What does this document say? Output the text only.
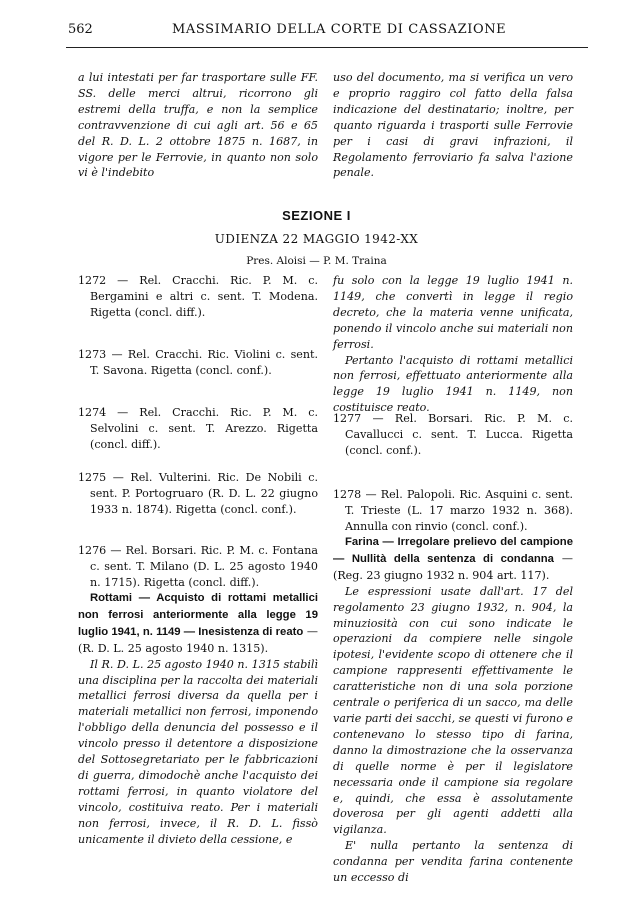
562	MASSIMARIO DELLA CORTE DI CASSAZIONE
a lui intestati per far trasportare sulle FF. SS. delle merci altrui, ricorrono gli estremi della truffa, e non la semplice contravvenzione di cui agli art. 56 e 65 del R. D. L. 2 ottobre 1875 n. 1687, in vigore per le Ferrovie, in quanto non solo vi è l'indebito
uso del documento, ma si verifica un vero e proprio raggiro col fatto della falsa indicazione del destinatario; inoltre, per quanto riguarda i trasporti sulle Ferrovie per i casi di gravi infrazioni, il Regolamento ferroviario fa salva l'azione penale.
SEZIONE I
UDIENZA 22 MAGGIO 1942-XX
Pres. Aloisi — P. M. Traina
1272 — Rel. Cracchi. Ric. P. M. c. Bergamini e altri c. sent. T. Modena. Rigetta (concl. diff.).
1273 — Rel. Cracchi. Ric. Violini c. sent. T. Savona. Rigetta (concl. conf.).
1274 — Rel. Cracchi. Ric. P. M. c. Selvolini c. sent. T. Arezzo. Rigetta (concl. diff.).
1275 — Rel. Vulterini. Ric. De Nobili c. sent. P. Portogruaro (R. D. L. 22 giugno 1933 n. 1874). Rigetta (concl. conf.).
1276 — Rel. Borsari. Ric. P. M. c. Fontana c. sent. T. Milano (D. L. 25 agosto 1940 n. 1715). Rigetta (concl. diff.).

Rottami — Acquisto di rottami metallici non ferrosi anteriormente alla legge 19 luglio 1941, n. 1149 — Inesistenza di reato — (R. D. L. 25 agosto 1940 n. 1315).

Il R. D. L. 25 agosto 1940 n. 1315 stabilì una disciplina per la raccolta dei materiali metallici ferrosi diversa da quella per i materiali metallici non ferrosi, imponendo l'obbligo della denuncia del possesso e il vincolo presso il detentore a disposizione del Sottosegretariato per le fabbricazioni di guerra, dimodochè anche l'acquisto dei rottami ferrosi, in quanto violatore del vincolo, costituiva reato. Per i materiali non ferrosi, invece, il R. D. L. fissò unicamente il divieto della cessione, e

fu solo con la legge 19 luglio 1941 n. 1149, che convertì in legge il regio decreto, che la materia venne unificata, ponendo il vincolo anche sui materiali non ferrosi.

Pertanto l'acquisto di rottami metallici non ferrosi, effettuato anteriormente alla legge 19 luglio 1941 n. 1149, non costituisce reato.

1277 — Rel. Borsari. Ric. P. M. c. Cavallucci c. sent. T. Lucca. Rigetta (concl. conf.).
1278 — Rel. Palopoli. Ric. Asquini c. sent. T. Trieste (L. 17 marzo 1932 n. 368). Annulla con rinvio (concl. conf.).

Farina — Irregolare prelievo del campione — Nullità della sentenza di condanna — (Reg. 23 giugno 1932 n. 904 art. 117).

Le espressioni usate dall'art. 17 del regolamento 23 giugno 1932, n. 904, la minuziosità con cui sono indicate le operazioni da compiere nelle singole ipotesi, l'evidente scopo di ottenere che il campione rappresenti effettivamente le caratteristiche non di una sola porzione centrale o periferica di un sacco, ma delle varie parti dei sacchi, se questi vi furono e contenevano lo stesso tipo di farina, danno la dimostrazione che la osservanza di quelle norme è per il legislatore necessaria onde il campione sia regolare e, quindi, che essa è assolutamente doverosa per gli agenti addetti alla vigilanza.

E' nulla pertanto la sentenza di condanna per vendita farina contenente un eccesso di
